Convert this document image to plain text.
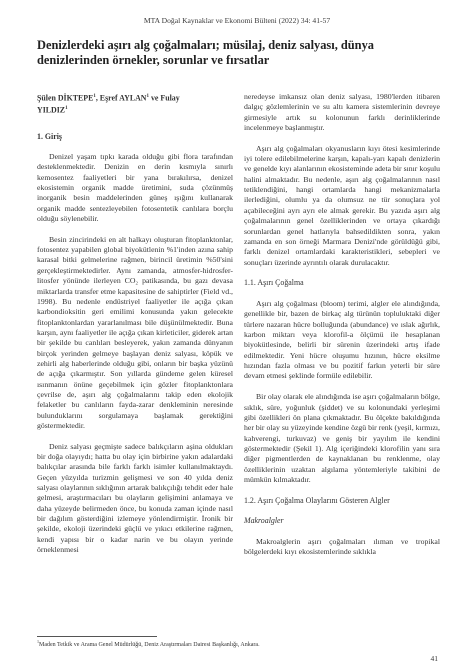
MTA Doğal Kaynaklar ve Ekonomi Bülteni (2022) 34: 41-57
Denizlerdeki aşırı alg çoğalmaları; müsilaj, deniz salyası, dünya denizlerinden örnekler, sorunlar ve fırsatlar
Şülen DİKTEPE$^1$, Eşref AYLAN$^1$ ve Fulay
YILDIZ$^1$
1. Giriş

Denizel yaşam tıpkı karada olduğu gibi flora tarafından desteklenmektedir. Denizin en derin kısmıyla sınırlı kemosentez faaliyetleri bir yana bırakılırsa, denizel ekosistemin organik madde üretimini, suda çözünmüş inorganik besin maddelerinden güneş ışığını kullanarak organik madde sentezleyebilen fotosentetik canlılara borçlu olduğu söylenebilir.

Besin zincirindeki en alt halkayı oluşturan fitoplanktonlar, fotosentez yapabilen global biyokütlenin %1'inden azına sahip karasal bitki gelmelerine rağmen, birincil üretimin %50'sini gerçekleştirmektedirler. Aynı zamanda, atmosfer-hidrosfer-litosfer yönünde ilerleyen CO₂ patikasında, bu gazı devasa miktarlarda transfer etme kapasitesine de sahiptirler (Field vd., 1998). Bu nedenle endüstriyel faaliyetler ile açığa çıkan karbondioksitin geri emilimi konusunda yakın gelecekte fitoplanktonlardan yararlanılması bile düşünülmektedir. Buna karşın, aynı faaliyetler ile açığa çıkan kirleticiler, giderek artan bir şekilde bu canlıları besleyerek, yakın zamanda dünyanın birçok yerinden gelmeye başlayan deniz salyası, köpük ve zehirli alg haberlerinde olduğu gibi, onların bir başka yüzünü de açığa çıkarmıştır. Son yıllarda gündeme gelen küresel ısınmanın önüne geçebilmek için gözler fitoplanktonlara çevrilse de, aşırı alg çoğalmalarını takip eden ekolojik felaketler bu canlıların fayda-zarar denkleminin neresinde bulunduklarını sorgulamaya başlamak gerektiğini göstermektedir.

Deniz salyası geçmişte sadece balıkçıların aşina oldukları bir doğa olayıydı; hatta bu olay için birbirine yakın adalardaki balıkçılar arasında bile farklı farklı isimler kullanılmaktaydı. Geçen yüzyılda turizmin gelişmesi ve son 40 yılda deniz salyası olaylarının sıklığının artarak balıkçılığı tehdit eder hale gelmesi, araştırmacıları bu olayların gelişimini anlamaya ve daha yüzeyde belirmeden önce, bu konuda zaman içinde nasıl bir dağılım gösterdiğini izlemeye yönlendirmiştir. İronik bir şekilde, ekoloji üzerindeki güçlü ve yıkıcı etkilerine rağmen, kendi yapısı bir o kadar narin ve bu olayın yerinde örneklenmesi

neredeyse imkansız olan deniz salyası, 1980'lerden itibaren dalgıç gözlemlerinin ve su altı kamera sistemlerinin devreye girmesiyle artık su kolonunun farklı derinliklerinde incelenmeye başlanmıştır.

Aşırı alg çoğalmaları okyanusların kıyı ötesi kesimlerinde iyi tolere edilebilmelerine karşın, kapalı-yarı kapalı denizlerin ve genelde kıyı alanlarının ekosisteminde adeta bir sınır koşulu halini almaktadır. Bu nedenle, aşırı alg çoğalmalarının nasıl tetiklendiğini, hangi ortamlarda hangi mekanizmalarla ilerlediğini, olumlu ya da olumsuz ne tür sonuçlara yol açabileceğini ayrı ayrı ele almak gerekir. Bu yazıda aşırı alg çoğalmalarının genel özelliklerinden ve ortaya çıkardığı sorunlardan genel hatlarıyla bahsedildikten sonra, yakın zamanda en son örneği Marmara Denizi'nde görüldüğü gibi, farklı denizel ortamlardaki karakteristikleri, sebepleri ve sonuçları üzerinde ayrıntılı olarak durulacaktır.

1.1. Aşırı Çoğalma

Aşırı alg çoğalması (bloom) terimi, algler ele alındığında, genellikle bir, bazen de birkaç alg türünün topluluktaki diğer türlere nazaran hücre bolluğunda (abundance) ve ıslak ağırlık, karbon miktarı veya klorofil-a ölçümü ile hesaplanan biyokütlesinde, belirli bir sürenin üzerindeki artış ifade edilmektedir. Yeni hücre oluşumu hızının, hücre eksilme hızından fazla olması ve bu pozitif farkın yeterli bir süre devam etmesi şeklinde formüle edilebilir.

Bir olay olarak ele alındığında ise aşırı çoğalmaların bölge, sıklık, süre, yoğunluk (şiddet) ve su kolonundaki yerleşimi gibi özellikleri ön plana çıkmaktadır. Bu ölçekte bakıldığında her bir olay su yüzeyinde kendine özgü bir renk (yeşil, kırmızı, kahverengi, turkuvaz) ve geniş bir yayılım ile kendini göstermektedir (Şekil 1). Alg içeriğindeki klorofilin yanı sıra diğer pigmentlerden de kaynaklanan bu renklenme, olay özelliklerinin uzaktan algılama yöntemleriyle takibini de mümkün kılmaktadır.

1.2. Aşırı Çoğalma Olaylarını Gösteren Algler
Makroalgler

Makroalglerin aşırı çoğalmaları ılıman ve tropikal bölgelerdeki kıyı ekosistemlerinde sıklıkla

$^1$Maden Tetkik ve Arama Genel Müdürlüğü, Deniz Araştırmaları Dairesi Başkanlığı, Ankara.
41
